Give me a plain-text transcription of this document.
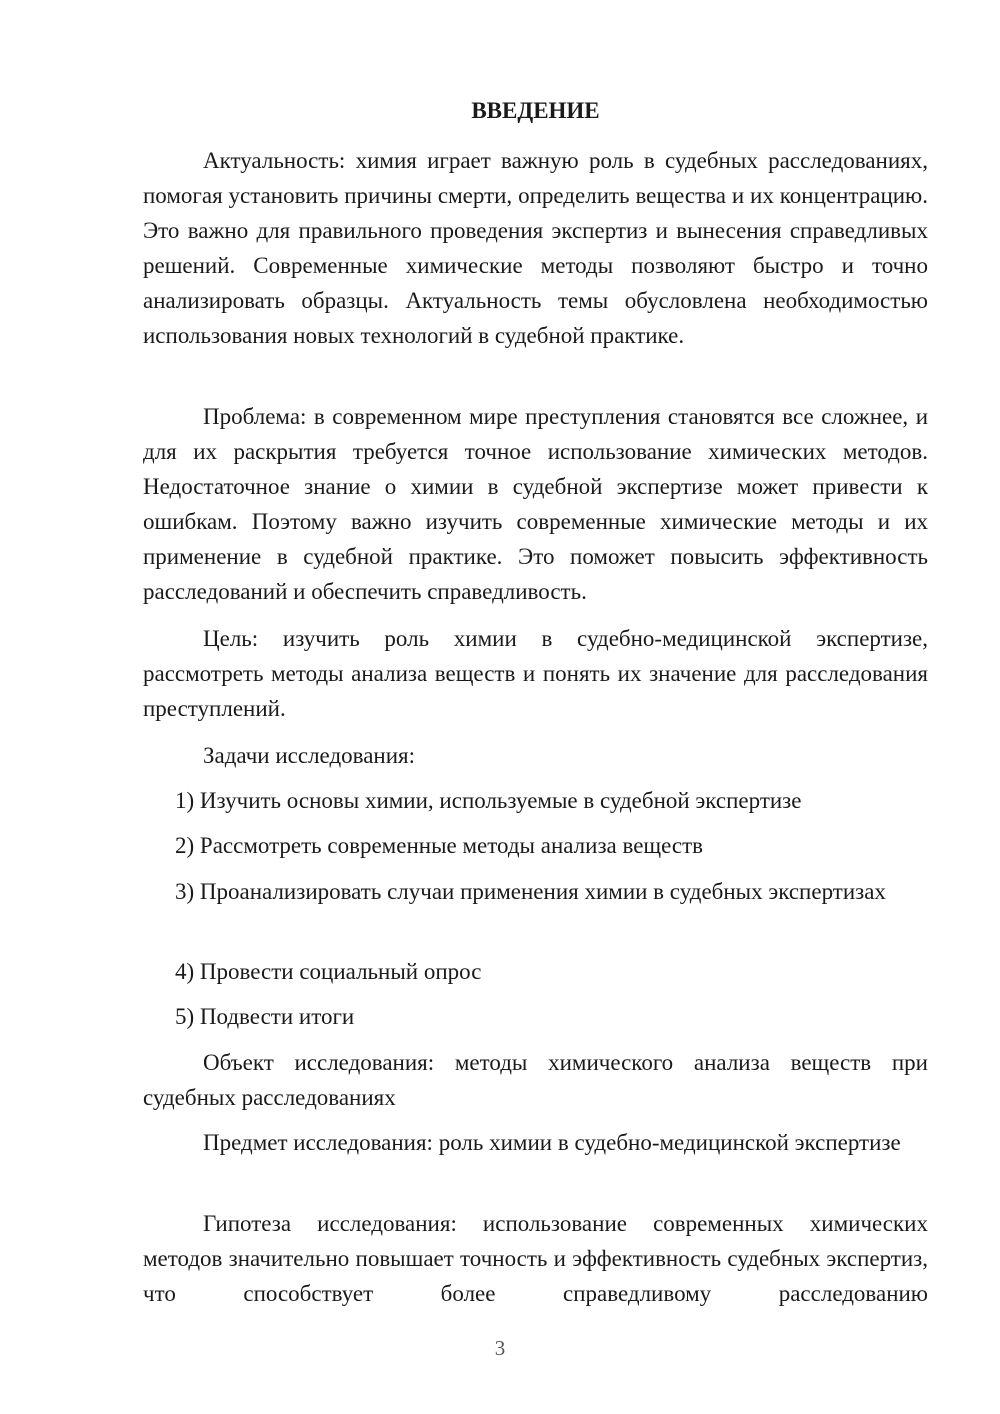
ВВЕДЕНИЕ

Актуальность: химия играет важную роль в судебных расследованиях, помогая установить причины смерти, определить вещества и их концентрацию. Это важно для правильного проведения экспертиз и вынесения справедливых решений. Современные химические методы позволяют быстро и точно анализировать образцы. Актуальность темы обусловлена необходимостью использования новых технологий в судебной практике.

Проблема: в современном мире преступления становятся все сложнее, и для их раскрытия требуется точное использование химических методов. Недостаточное знание о химии в судебной экспертизе может привести к ошибкам. Поэтому важно изучить современные химические методы и их применение в судебной практике. Это поможет повысить эффективность расследований и обеспечить справедливость.

Цель: изучить роль химии в судебно-медицинской экспертизе, рассмотреть методы анализа веществ и понять их значение для расследования преступлений.

Задачи исследования:

1) Изучить основы химии, используемые в судебной экспертизе

2) Рассмотреть современные методы анализа веществ

3) Проанализировать случаи применения химии в судебных экспертизах

4) Провести социальный опрос

5) Подвести итоги

Объект исследования: методы химического анализа веществ при судебных расследованиях

Предмет исследования: роль химии в судебно-медицинской экспертизе

Гипотеза исследования: использование современных химических методов значительно повышает точность и эффективность судебных экспертиз, что способствует более справедливому расследованию

3
